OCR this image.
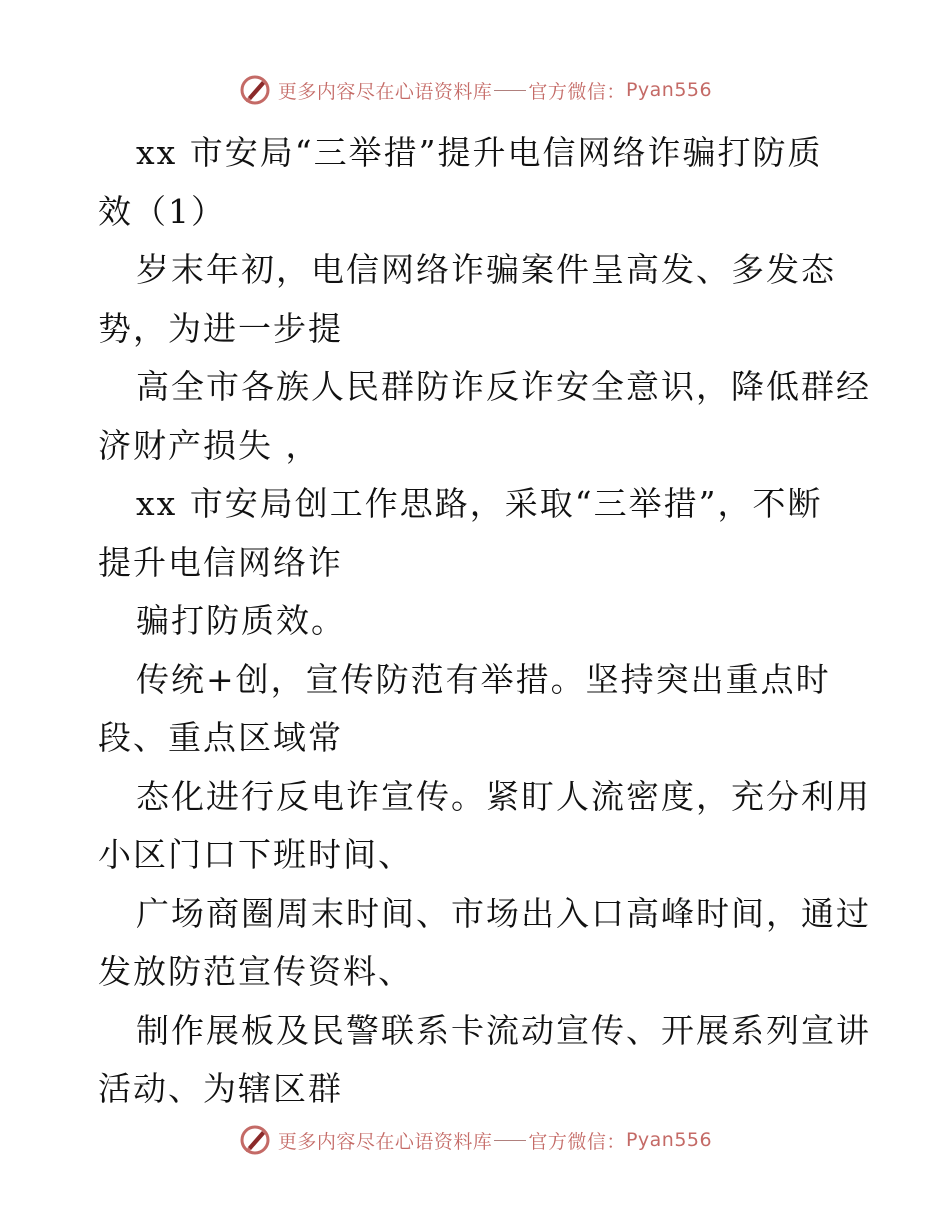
更多内容尽在心语资料库 官方微信： Pyan556
xx 市安局“三举措”提升电信网络诈骗打防质
效（1）
岁末年初，电信网络诈骗案件呈高发、多发态
势，为进一步提
高全市各族人民群防诈反诈安全意识，降低群经
济财产损失 ，
xx 市安局创工作思路，采取“三举措”，不断
提升电信网络诈
骗打防质效。
传统+创，宣传防范有举措。坚持突出重点时
段、重点区域常
态化进行反电诈宣传。紧盯人流密度，充分利用
小区门口下班时间、
广场商圈周末时间、市场出入口高峰时间，通过
发放防范宣传资料、
制作展板及民警联系卡流动宣传、开展系列宣讲
活动、为辖区群
更多内容尽在心语资料库 官方微信： Pyan556
